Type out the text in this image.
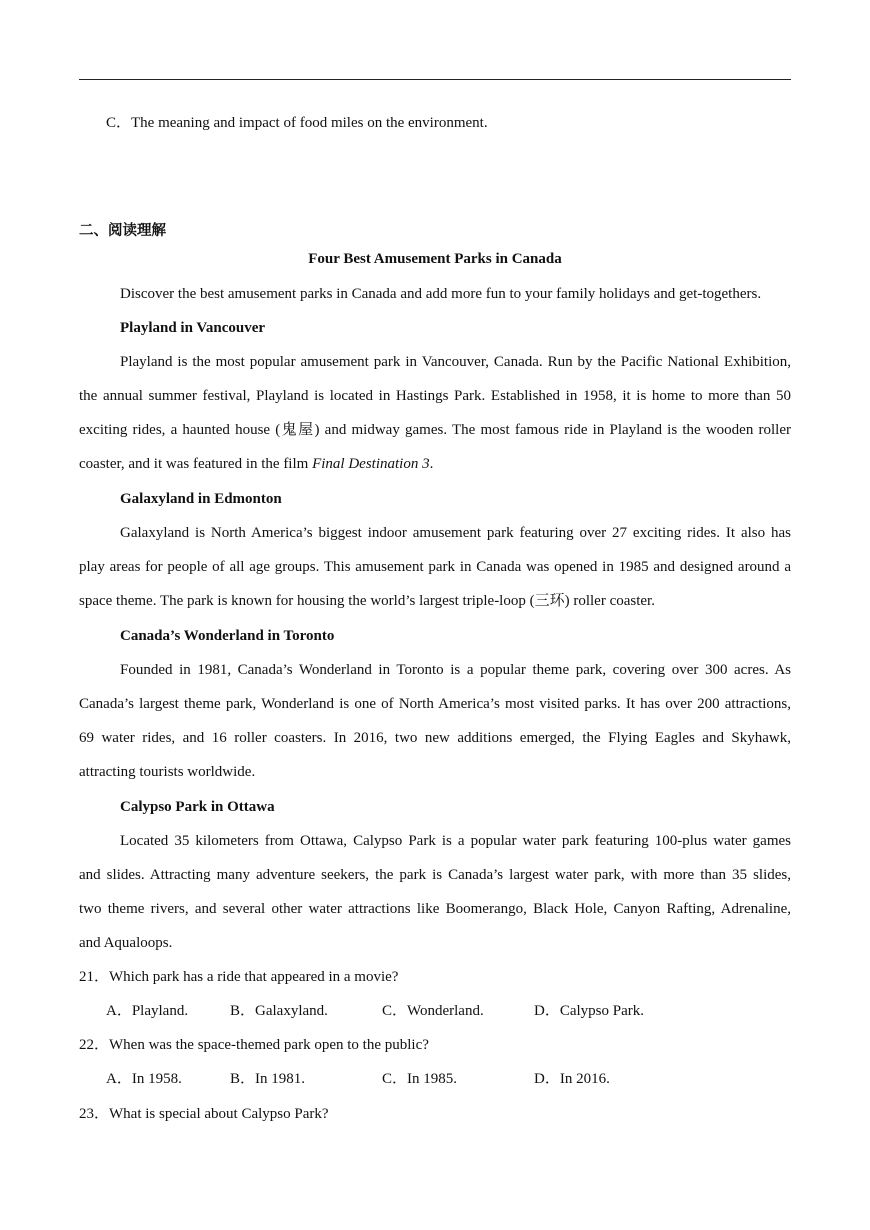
C．The meaning and impact of food miles on the environment.
二、阅读理解
Four Best Amusement Parks in Canada
Discover the best amusement parks in Canada and add more fun to your family holidays and get-togethers.
Playland in Vancouver
Playland is the most popular amusement park in Vancouver, Canada. Run by the Pacific National Exhibition,
the annual summer festival, Playland is located in Hastings Park. Established in 1958, it is home to more than 50
exciting rides, a haunted house (鬼屋) and midway games. The most famous ride in Playland is the wooden roller
coaster, and it was featured in the film Final Destination 3.
Galaxyland in Edmonton
Galaxyland is North America’s biggest indoor amusement park featuring over 27 exciting rides. It also has
play areas for people of all age groups. This amusement park in Canada was opened in 1985 and designed around a
space theme. The park is known for housing the world’s largest triple-loop (三环) roller coaster.
Canada’s Wonderland in Toronto
Founded in 1981, Canada’s Wonderland in Toronto is a popular theme park, covering over 300 acres. As
Canada’s largest theme park, Wonderland is one of North America’s most visited parks. It has over 200 attractions,
69 water rides, and 16 roller coasters. In 2016, two new additions emerged, the Flying Eagles and Skyhawk,
attracting tourists worldwide.
Calypso Park in Ottawa
Located 35 kilometers from Ottawa, Calypso Park is a popular water park featuring 100-plus water games
and slides. Attracting many adventure seekers, the park is Canada’s largest water park, with more than 35 slides,
two theme rivers, and several other water attractions like Boomerango, Black Hole, Canyon Rafting, Adrenaline,
and Aqualoops.
21．Which park has a ride that appeared in a movie?
A．Playland.	B．Galaxyland.	C．Wonderland.	D．Calypso Park.
22．When was the space-themed park open to the public?
A．In 1958.	B．In 1981.	C．In 1985.	D．In 2016.
23．What is special about Calypso Park?
